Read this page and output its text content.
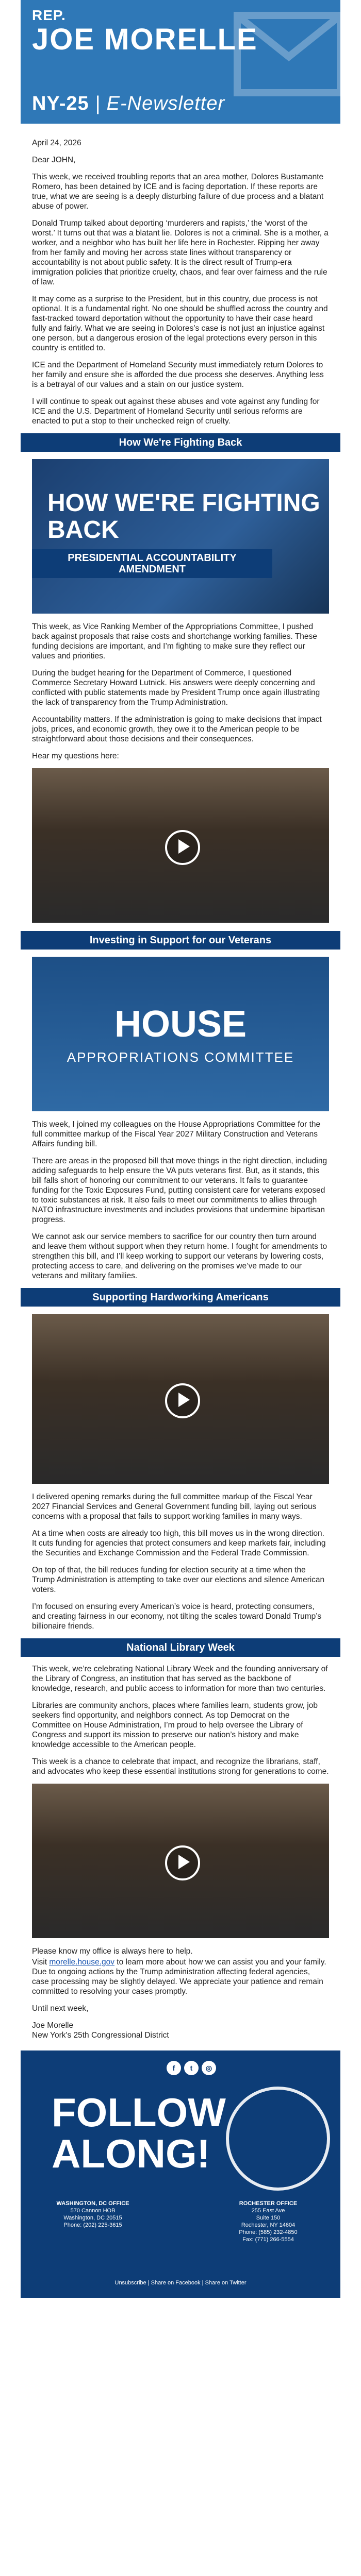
REP.
JOE MORELLE
NY-25 | E-Newsletter

April 24, 2026

Dear JOHN,

This week, we received troubling reports that an area mother, Dolores Bustamante Romero, has been detained by ICE and is facing deportation. If these reports are true, what we are seeing is a deeply disturbing failure of due process and a blatant abuse of power.

Donald Trump talked about deporting ‘murderers and rapists,’ the ‘worst of the worst.’ It turns out that was a blatant lie. Dolores is not a criminal. She is a mother, a worker, and a neighbor who has built her life here in Rochester. Ripping her away from her family and moving her across state lines without transparency or accountability is not about public safety. It is the direct result of Trump-era immigration policies that prioritize cruelty, chaos, and fear over fairness and the rule of law.

It may come as a surprise to the President, but in this country, due process is not optional. It is a fundamental right. No one should be shuffled across the country and fast-tracked toward deportation without the opportunity to have their case heard fully and fairly. What we are seeing in Dolores’s case is not just an injustice against one person, but a dangerous erosion of the legal protections every person in this country is entitled to.

ICE and the Department of Homeland Security must immediately return Dolores to her family and ensure she is afforded the due process she deserves. Anything less is a betrayal of our values and a stain on our justice system.

I will continue to speak out against these abuses and vote against any funding for ICE and the U.S. Department of Homeland Security until serious reforms are enacted to put a stop to their unchecked reign of cruelty.

How We're Fighting Back
HOW WE'RE FIGHTING BACK
PRESIDENTIAL ACCOUNTABILITY AMENDMENT

This week, as Vice Ranking Member of the Appropriations Committee, I pushed back against proposals that raise costs and shortchange working families. These funding decisions are important, and I’m fighting to make sure they reflect our values and priorities.

During the budget hearing for the Department of Commerce, I questioned Commerce Secretary Howard Lutnick. His answers were deeply concerning and conflicted with public statements made by President Trump once again illustrating the lack of transparency from the Trump Administration.

Accountability matters. If the administration is going to make decisions that impact jobs, prices, and economic growth, they owe it to the American people to be straightforward about those decisions and their consequences.

Hear my questions here:

Investing in Support for our Veterans
HOUSE
APPROPRIATIONS COMMITTEE

This week, I joined my colleagues on the House Appropriations Committee for the full committee markup of the Fiscal Year 2027 Military Construction and Veterans Affairs funding bill.

There are areas in the proposed bill that move things in the right direction, including adding safeguards to help ensure the VA puts veterans first. But, as it stands, this bill falls short of honoring our commitment to our veterans. It fails to guarantee funding for the Toxic Exposures Fund, putting consistent care for veterans exposed to toxic substances at risk. It also fails to meet our commitments to allies through NATO infrastructure investments and includes provisions that undermine bipartisan progress.

We cannot ask our service members to sacrifice for our country then turn around and leave them without support when they return home. I fought for amendments to strengthen this bill, and I’ll keep working to support our veterans by lowering costs, protecting access to care, and delivering on the promises we’ve made to our veterans and military families.

Supporting Hardworking Americans

I delivered opening remarks during the full committee markup of the Fiscal Year 2027 Financial Services and General Government funding bill, laying out serious concerns with a proposal that fails to support working families in many ways.

At a time when costs are already too high, this bill moves us in the wrong direction. It cuts funding for agencies that protect consumers and keep markets fair, including the Securities and Exchange Commission and the Federal Trade Commission.

On top of that, the bill reduces funding for election security at a time when the Trump Administration is attempting to take over our elections and silence American voters.

I’m focused on ensuring every American’s voice is heard, protecting consumers, and creating fairness in our economy, not tilting the scales toward Donald Trump’s billionaire friends.

National Library Week

This week, we’re celebrating National Library Week and the founding anniversary of the Library of Congress, an institution that has served as the backbone of knowledge, research, and public access to information for more than two centuries.

Libraries are community anchors, places where families learn, students grow, job seekers find opportunity, and neighbors connect. As top Democrat on the Committee on House Administration, I’m proud to help oversee the Library of Congress and support its mission to preserve our nation’s history and make knowledge accessible to the American people.

This week is a chance to celebrate that impact, and recognize the librarians, staff, and advocates who keep these essential institutions strong for generations to come.

Please know my office is always here to help.

Visit morelle.house.gov to learn more about how we can assist you and your family. Due to ongoing actions by the Trump administration affecting federal agencies, case processing may be slightly delayed. We appreciate your patience and remain committed to resolving your cases promptly.

Until next week,

Joe Morelle

New York's 25th Congressional District

f t ◎
FOLLOW
ALONG!
WASHINGTON, DC OFFICE
570 Cannon HOB
Washington, DC 20515
Phone: (202) 225-3615
ROCHESTER OFFICE
255 East Ave
Suite 150
Rochester, NY 14604
Phone: (585) 232-4850
Fax: (771) 266-5554
Unsubscribe | Share on Facebook | Share on Twitter
